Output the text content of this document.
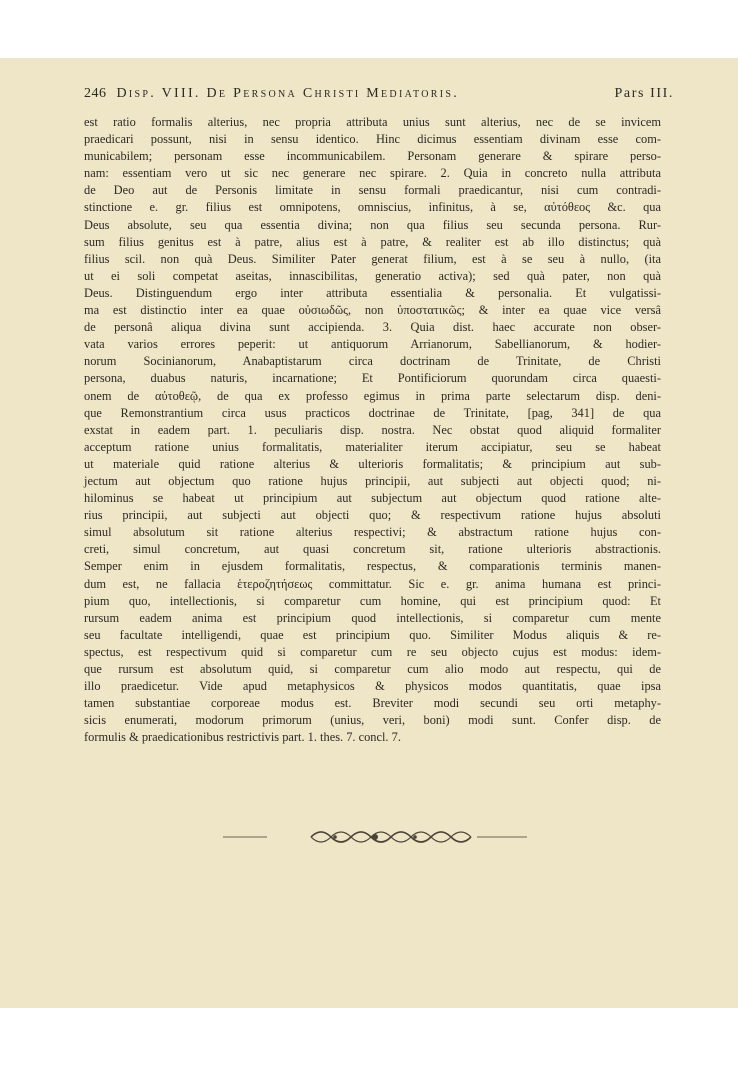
246 Disp. VIII. De Persona Christi Mediatoris.	Pars III.
est ratio formalis alterius, nec propria attributa unius sunt alterius, nec de se invicem
praedicari possunt, nisi in sensu identico. Hinc dicimus essentiam divinam esse com-
municabilem; personam esse incommunicabilem. Personam generare & spirare perso-
nam: essentiam vero ut sic nec generare nec spirare. 2. Quia in concreto nulla attributa
de Deo aut de Personis limitate in sensu formali praedicantur, nisi cum contradi-
stinctione e. gr. filius est omnipotens, omniscius, infinitus, à se, αὐτόθεος &c. qua
Deus absolute, seu qua essentia divina; non qua filius seu secunda persona. Rur-
sum filius genitus est à patre, alius est à patre, & realiter est ab illo distinctus; quà
filius scil. non quà Deus. Similiter Pater generat filium, est à se seu à nullo, (ita
ut ei soli competat aseitas, innascibilitas, generatio activa); sed quà pater, non quà
Deus. Distinguendum ergo inter attributa essentialia & personalia. Et vulgatissi-
ma est distinctio inter ea quae οὐσιωδῶς, non ὑποστατικῶς; & inter ea quae vice versâ
de personâ aliqua divina sunt accipienda. 3. Quia dist. haec accurate non obser-
vata varios errores peperit: ut antiquorum Arrianorum, Sabellianorum, & hodier-
norum Socinianorum, Anabaptistarum circa doctrinam de Trinitate, de Christi
persona, duabus naturis, incarnatione; Et Pontificiorum quorundam circa quaesti-
onem de αὐτοθεῷ, de qua ex professo egimus in prima parte selectarum disp. deni-
que Remonstrantium circa usus practicos doctrinae de Trinitate, [pag, 341] de qua
exstat in eadem part. 1. peculiaris disp. nostra. Nec obstat quod aliquid formaliter
acceptum ratione unius formalitatis, materialiter iterum accipiatur, seu se habeat
ut materiale quid ratione alterius & ulterioris formalitatis; & principium aut sub-
jectum aut objectum quo ratione hujus principii, aut subjecti aut objecti quod; ni-
hilominus se habeat ut principium aut subjectum aut objectum quod ratione alte-
rius principii, aut subjecti aut objecti quo; & respectivum ratione hujus absoluti
simul absolutum sit ratione alterius respectivi; & abstractum ratione hujus con-
creti, simul concretum, aut quasi concretum sit, ratione ulterioris abstractionis.
Semper enim in ejusdem formalitatis, respectus, & comparationis terminis manen-
dum est, ne fallacia ἑτεροζητήσεως committatur. Sic e. gr. anima humana est princi-
pium quo, intellectionis, si comparetur cum homine, qui est principium quod: Et
rursum eadem anima est principium quod intellectionis, si comparetur cum mente
seu facultate intelligendi, quae est principium quo. Similiter Modus aliquis & re-
spectus, est respectivum quid si comparetur cum re seu objecto cujus est modus: idem-
que rursum est absolutum quid, si comparetur cum alio modo aut respectu, qui de
illo praedicetur. Vide apud metaphysicos & physicos modos quantitatis, quae ipsa
tamen substantiae corporeae modus est. Breviter modi secundi seu orti metaphy-
sicis enumerati, modorum primorum (unius, veri, boni) modi sunt. Confer disp. de
formulis & praedicationibus restrictivis part. 1. thes. 7. concl. 7.
